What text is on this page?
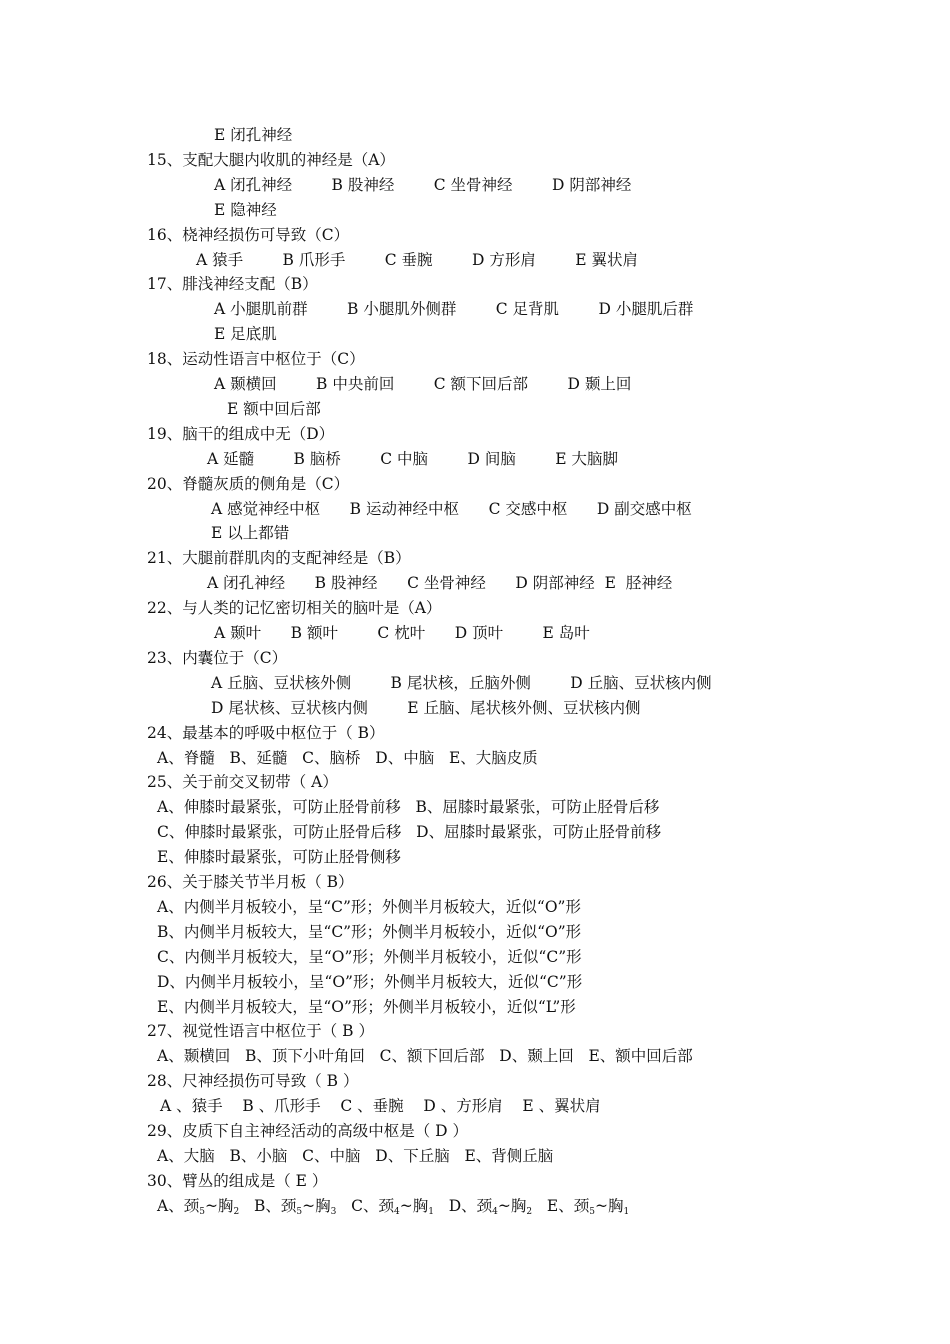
E 闭孔神经
15、支配大腿内收肌的神经是（A）
A 闭孔神经        B 股神经        C 坐骨神经        D 阴部神经
E 隐神经
16、桡神经损伤可导致（C）
A 猿手        B 爪形手        C 垂腕        D 方形肩        E 翼状肩
17、腓浅神经支配（B）
A 小腿肌前群        B 小腿肌外侧群        C 足背肌        D 小腿肌后群
E 足底肌
18、运动性语言中枢位于（C）
A 颞横回        B 中央前回        C 额下回后部        D 颞上回
E 额中回后部
19、脑干的组成中无（D）
A 延髓        B 脑桥        C 中脑        D 间脑        E 大脑脚
20、脊髓灰质的侧角是（C）
A 感觉神经中枢      B 运动神经中枢      C 交感中枢      D 副交感中枢
E 以上都错
21、大腿前群肌肉的支配神经是（B）
A 闭孔神经      B 股神经      C 坐骨神经      D 阴部神经  E  胫神经
22、与人类的记忆密切相关的脑叶是（A）
A 颞叶      B 额叶        C 枕叶      D 顶叶        E 岛叶
23、内囊位于（C）
A 丘脑、豆状核外侧        B 尾状核，丘脑外侧        D 丘脑、豆状核内侧
D 尾状核、豆状核内侧        E 丘脑、尾状核外侧、豆状核内侧
24、最基本的呼吸中枢位于（ B）
A、脊髓   B、延髓   C、脑桥   D、中脑   E、大脑皮质
25、关于前交叉韧带（ A）
A、伸膝时最紧张，可防止胫骨前移   B、屈膝时最紧张，可防止胫骨后移
C、伸膝时最紧张，可防止胫骨后移   D、屈膝时最紧张，可防止胫骨前移
E、伸膝时最紧张，可防止胫骨侧移
26、关于膝关节半月板（ B）
A、内侧半月板较小，呈“C”形；外侧半月板较大，近似“O”形
B、内侧半月板较大，呈“C”形；外侧半月板较小，近似“O”形
C、内侧半月板较大，呈“O”形；外侧半月板较小，近似“C”形
D、内侧半月板较小，呈“O”形；外侧半月板较大，近似“C”形
E、内侧半月板较大，呈“O”形；外侧半月板较小，近似“L”形
27、视觉性语言中枢位于（ B ）
A、颞横回   B、顶下小叶角回   C、额下回后部   D、颞上回   E、额中回后部
28、尺神经损伤可导致（ B ）
A 、猿手    B 、爪形手    C 、垂腕    D 、方形肩    E 、翼状肩
29、皮质下自主神经活动的高级中枢是（ D ）
A、大脑   B、小脑   C、中脑   D、下丘脑   E、背侧丘脑
30、臂丛的组成是（ E ）
A、颈$_5$~胸$_2$ B、颈$_5$~胸$_3$ C、颈$_4$~胸$_1$ D、颈$_4$~胸$_2$ E、颈$_5$~胸$_1$
